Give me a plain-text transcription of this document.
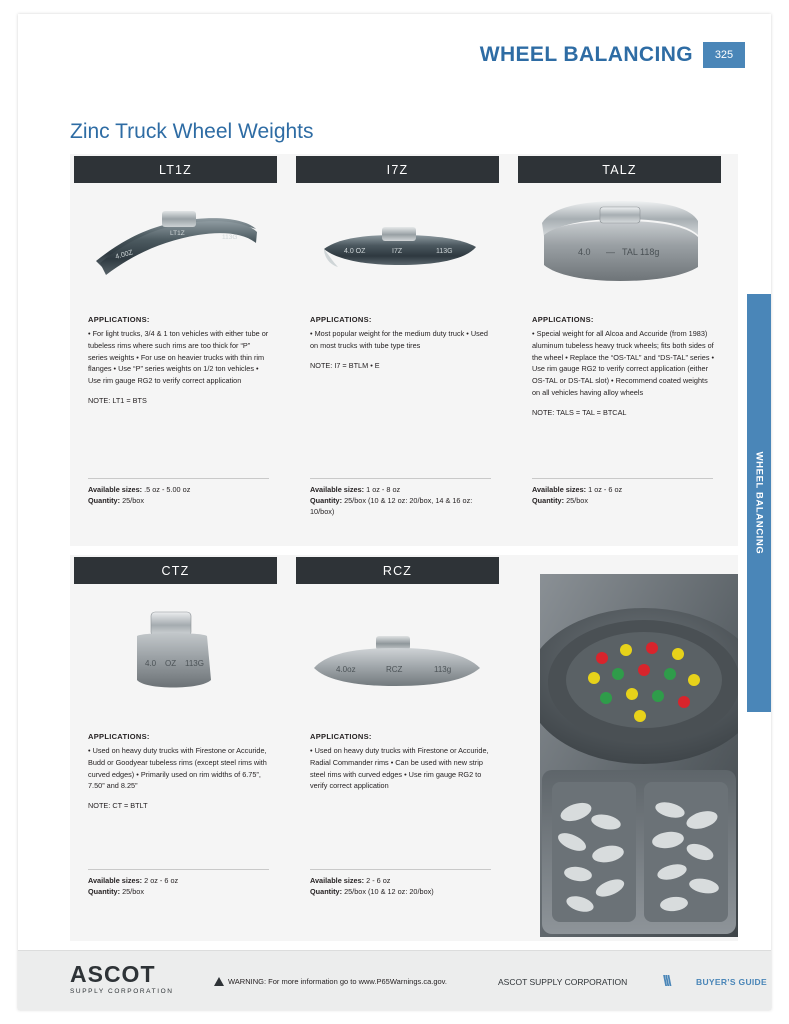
WHEEL BALANCING	325
WHEEL BALANCING
Zinc Truck Wheel Weights
LT1Z
4.00Z
LT1Z
113G
APPLICATIONS:
• For light trucks, 3/4 & 1 ton vehicles with either tube or tubeless rims where such rims are too thick for “P” series weights • For use on heavier trucks with thin rim flanges • Use “P” series weights on 1/2 ton vehicles • Use rim gauge RG2 to verify correct application
NOTE: LT1 = BTS
Available sizes: .5 oz - 5.00 oz
Quantity: 25/box
I7Z
4.0 OZ	I7Z	113G
APPLICATIONS:
• Most popular weight for the medium duty truck • Used on most trucks with tube type tires
NOTE: I7 = BTLM • E
Available sizes: 1 oz - 8 oz
Quantity: 25/box (10 & 12 oz: 20/box, 14 & 16 oz: 10/box)
TALZ
4.0 — TAL 118g
APPLICATIONS:
• Special weight for all Alcoa and Accuride (from 1983) aluminum tubeless heavy truck wheels; fits both sides of the wheel • Replace the “OS-TAL” and “DS-TAL” series • Use rim gauge RG2 to verify correct application (either OS-TAL or DS-TAL slot) • Recommend coated weights on all vehicles having alloy wheels
NOTE: TALS = TAL = BTCAL
Available sizes: 1 oz - 6 oz
Quantity: 25/box
CTZ
4.0 OZ 113G
APPLICATIONS:
• Used on heavy duty trucks with Firestone or Accuride, Budd or Goodyear tubeless rims (except steel rims with curved edges) • Primarily used on rim widths of 6.75”, 7.50” and 8.25”
NOTE: CT = BTLT
Available sizes: 2 oz - 6 oz
Quantity: 25/box
RCZ
4.0oz	RCZ	113g
APPLICATIONS:
• Used on heavy duty trucks with Firestone or Accuride, Radial Commander rims • Can be used with new strip steel rims with curved edges • Use rim gauge RG2 to verify correct application
Available sizes: 2 - 6 oz
Quantity: 25/box (10 & 12 oz: 20/box)
ASCOT
SUPPLY CORPORATION
WARNING: For more information go to www.P65Warnings.ca.gov.	ASCOT SUPPLY CORPORATION \\\	BUYER’S GUIDE
